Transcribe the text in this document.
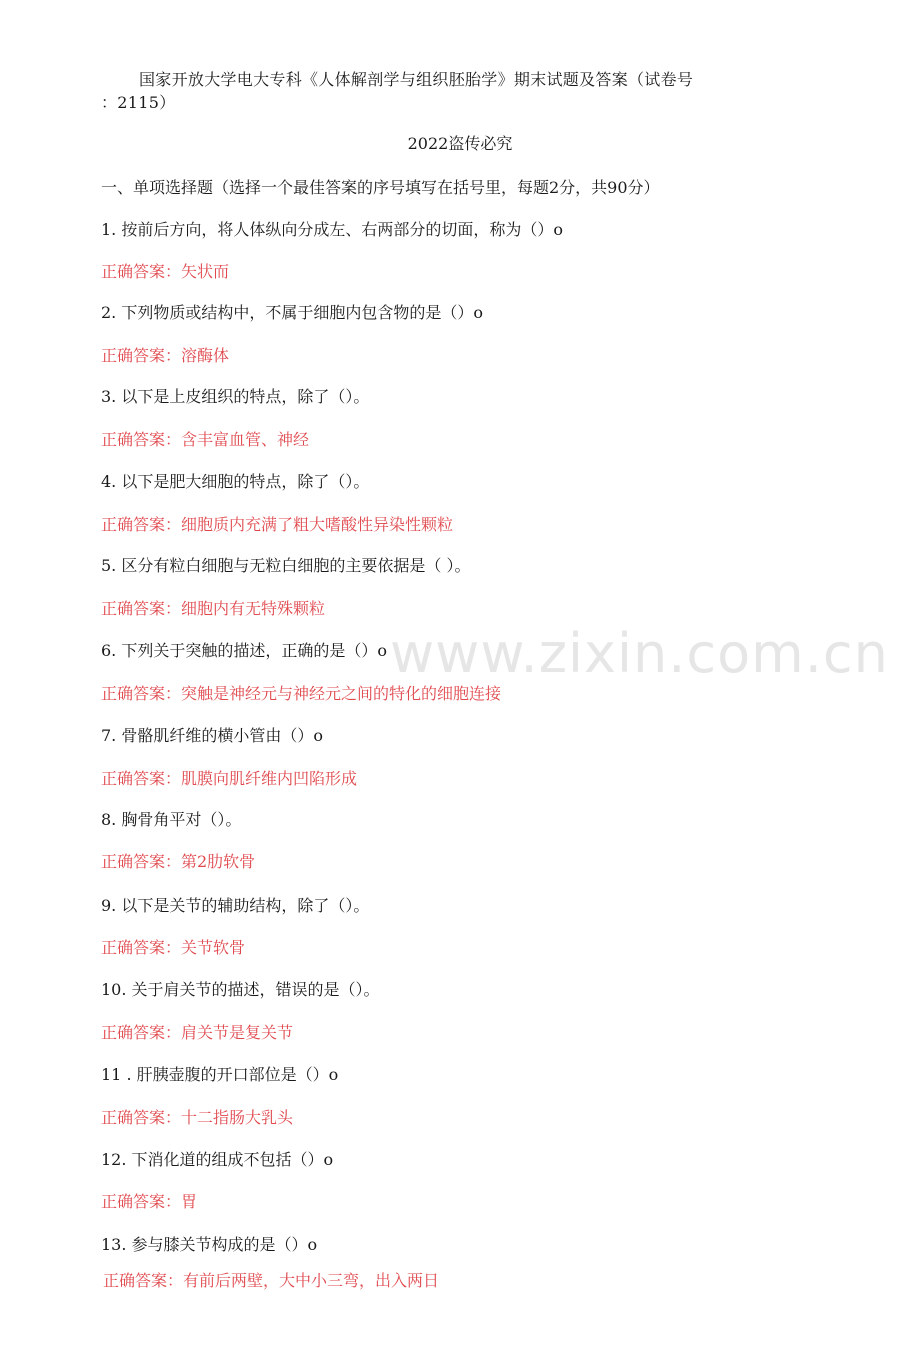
国家开放大学电大专科《人体解剖学与组织胚胎学》期末试题及答案（试卷号
：2115）
2022盗传必究
一、单项选择题（选择一个最佳答案的序号填写在括号里，每题2分，共90分）
www.zixin.com.cn
1. 按前后方向，将人体纵向分成左、右两部分的切面，称为（）o
正确答案：矢状而
2. 下列物质或结构中，不属于细胞内包含物的是（）o
正确答案：溶酶体
3. 以下是上皮组织的特点，除了（）。
正确答案：含丰富血管、神经
4. 以下是肥大细胞的特点，除了（）。
正确答案：细胞质内充满了粗大嗜酸性异染性颗粒
5. 区分有粒白细胞与无粒白细胞的主要依据是（ ）。
正确答案：细胞内有无特殊颗粒
6. 下列关于突触的描述，正确的是（）o
正确答案：突触是神经元与神经元之间的特化的细胞连接
7. 骨骼肌纤维的横小管由（）o
正确答案：肌膜向肌纤维内凹陷形成
8. 胸骨角平对（）。
正确答案：第2肋软骨
9. 以下是关节的辅助结构，除了（）。
正确答案：关节软骨
10. 关于肩关节的描述，错误的是（）。
正确答案：肩关节是复关节
11 . 肝胰壶腹的开口部位是（）o
正确答案：十二指肠大乳头
12. 下消化道的组成不包括（）o
正确答案：胃
13. 参与膝关节构成的是（）o
正确答案：有前后两壁，大中小三弯，出入两日
